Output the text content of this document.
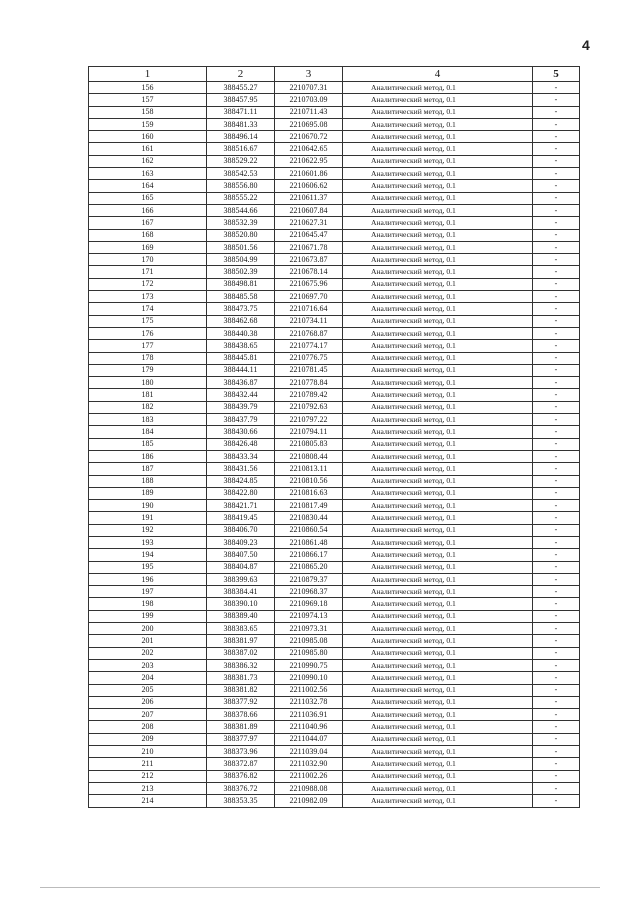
4
1	2	3	4	5
156	388455.27	2210707.31	Аналитический метод, 0.1	-
157	388457.95	2210703.09	Аналитический метод, 0.1	-
158	388471.11	2210711.43	Аналитический метод, 0.1	-
159	388481.33	2210695.08	Аналитический метод, 0.1	-
160	388496.14	2210670.72	Аналитический метод, 0.1	-
161	388516.67	2210642.65	Аналитический метод, 0.1	-
162	388529.22	2210622.95	Аналитический метод, 0.1	-
163	388542.53	2210601.86	Аналитический метод, 0.1	-
164	388556.80	2210606.62	Аналитический метод, 0.1	-
165	388555.22	2210611.37	Аналитический метод, 0.1	-
166	388544.66	2210607.84	Аналитический метод, 0.1	-
167	388532.39	2210627.31	Аналитический метод, 0.1	-
168	388520.80	2210645.47	Аналитический метод, 0.1	-
169	388501.56	2210671.78	Аналитический метод, 0.1	-
170	388504.99	2210673.87	Аналитический метод, 0.1	-
171	388502.39	2210678.14	Аналитический метод, 0.1	-
172	388498.81	2210675.96	Аналитический метод, 0.1	-
173	388485.58	2210697.70	Аналитический метод, 0.1	-
174	388473.75	2210716.64	Аналитический метод, 0.1	-
175	388462.68	2210734.11	Аналитический метод, 0.1	-
176	388440.38	2210768.87	Аналитический метод, 0.1	-
177	388438.65	2210774.17	Аналитический метод, 0.1	-
178	388445.81	2210776.75	Аналитический метод, 0.1	-
179	388444.11	2210781.45	Аналитический метод, 0.1	-
180	388436.87	2210778.84	Аналитический метод, 0.1	-
181	388432.44	2210789.42	Аналитический метод, 0.1	-
182	388439.79	2210792.63	Аналитический метод, 0.1	-
183	388437.79	2210797.22	Аналитический метод, 0.1	-
184	388430.66	2210794.11	Аналитический метод, 0.1	-
185	388426.48	2210805.83	Аналитический метод, 0.1	-
186	388433.34	2210808.44	Аналитический метод, 0.1	-
187	388431.56	2210813.11	Аналитический метод, 0.1	-
188	388424.85	2210810.56	Аналитический метод, 0.1	-
189	388422.80	2210816.63	Аналитический метод, 0.1	-
190	388421.71	2210817.49	Аналитический метод, 0.1	-
191	388419.45	2210830.44	Аналитический метод, 0.1	-
192	388406.70	2210860.54	Аналитический метод, 0.1	-
193	388409.23	2210861.48	Аналитический метод, 0.1	-
194	388407.50	2210866.17	Аналитический метод, 0.1	-
195	388404.87	2210865.20	Аналитический метод, 0.1	-
196	388399.63	2210879.37	Аналитический метод, 0.1	-
197	388384.41	2210968.37	Аналитический метод, 0.1	-
198	388390.10	2210969.18	Аналитический метод, 0.1	-
199	388389.40	2210974.13	Аналитический метод, 0.1	-
200	388383.65	2210973.31	Аналитический метод, 0.1	-
201	388381.97	2210985.08	Аналитический метод, 0.1	-
202	388387.02	2210985.80	Аналитический метод, 0.1	-
203	388386.32	2210990.75	Аналитический метод, 0.1	-
204	388381.73	2210990.10	Аналитический метод, 0.1	-
205	388381.82	2211002.56	Аналитический метод, 0.1	-
206	388377.92	2211032.78	Аналитический метод, 0.1	-
207	388378.66	2211036.91	Аналитический метод, 0.1	-
208	388381.89	2211040.96	Аналитический метод, 0.1	-
209	388377.97	2211044.07	Аналитический метод, 0.1	-
210	388373.96	2211039.04	Аналитический метод, 0.1	-
211	388372.87	2211032.90	Аналитический метод, 0.1	-
212	388376.82	2211002.26	Аналитический метод, 0.1	-
213	388376.72	2210988.08	Аналитический метод, 0.1	-
214	388353.35	2210982.09	Аналитический метод, 0.1	-
